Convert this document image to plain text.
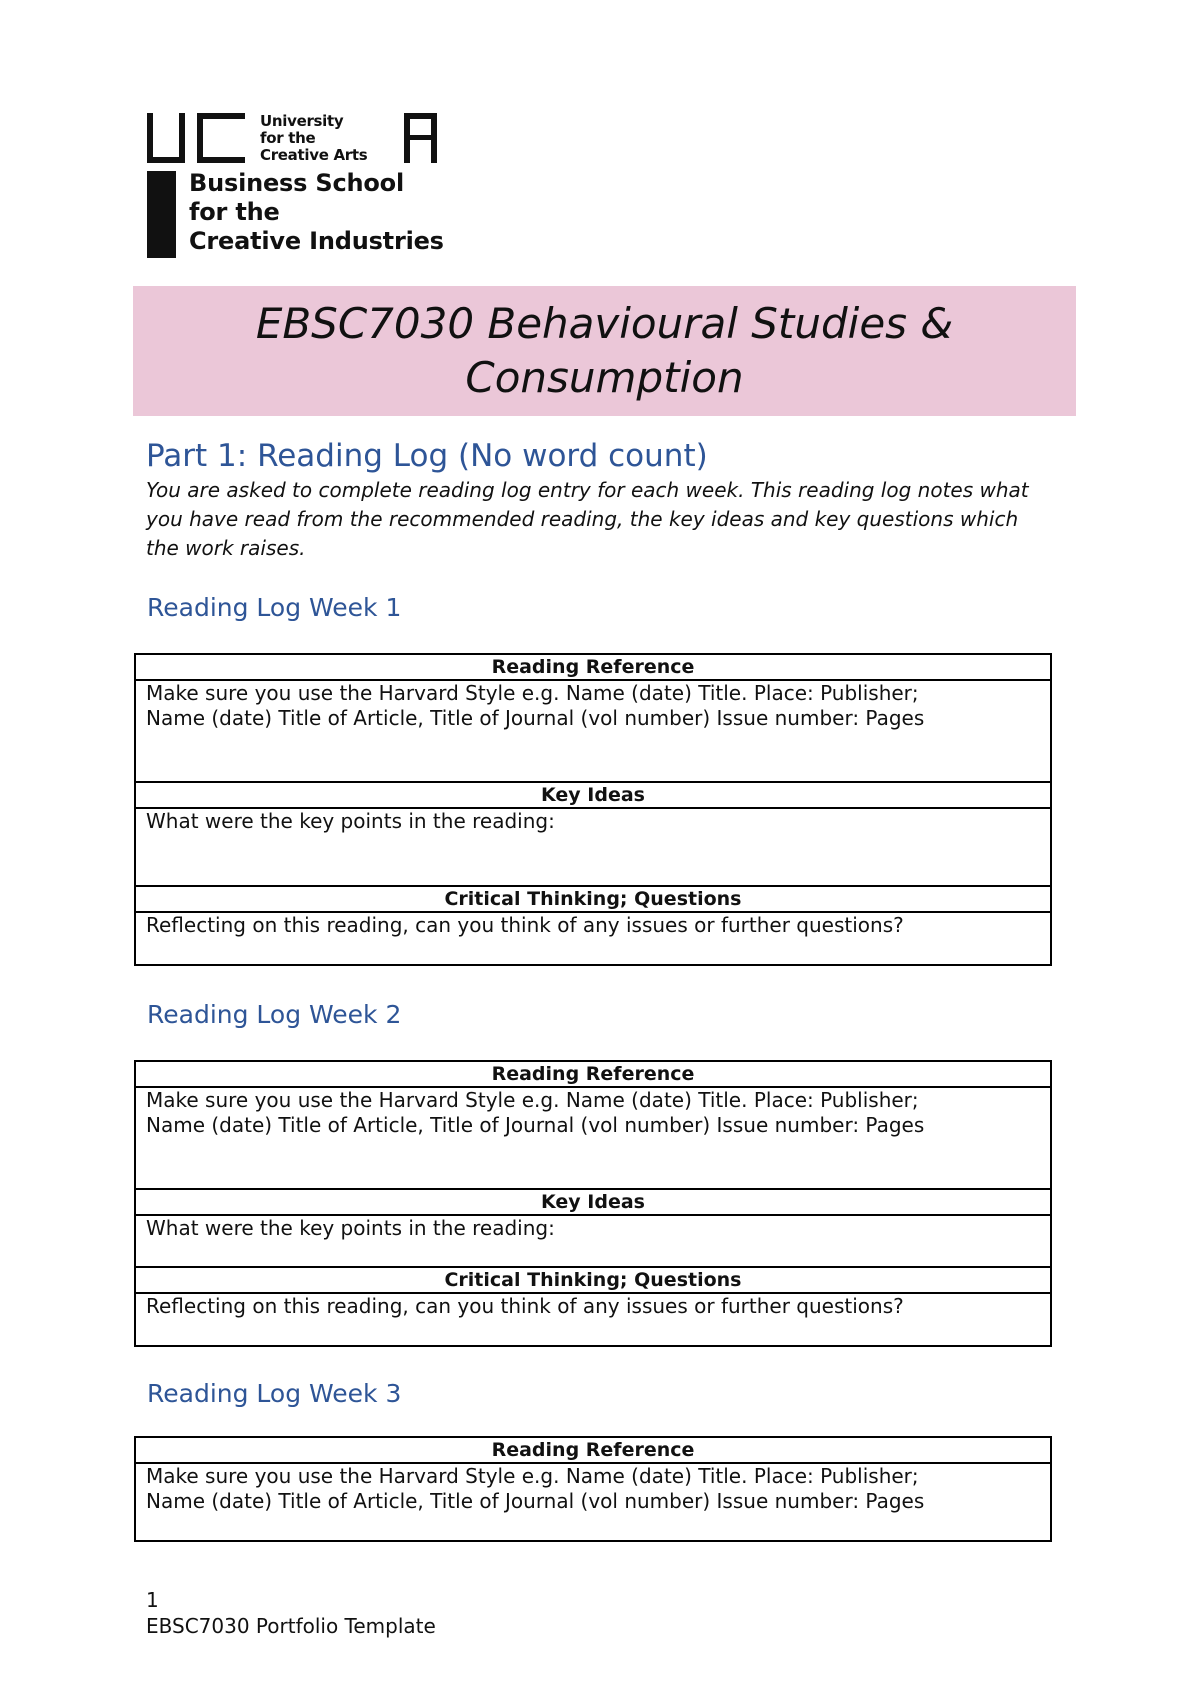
University
for the
Creative Arts
Business School
for the
Creative Industries
EBSC7030 Behavioural Studies & Consumption
Part 1: Reading Log (No word count)

You are asked to complete reading log entry for each week. This reading log notes what you have read from the recommended reading, the key ideas and key questions which the work raises.

Reading Log Week 1
Reading Reference

Make sure you use the Harvard Style e.g. Name (date) Title. Place: Publisher;
Name (date) Title of Article, Title of Journal (vol number) Issue number: Pages

Key Ideas

What were the key points in the reading:

Critical Thinking; Questions

Reflecting on this reading, can you think of any issues or further questions?
Reading Log Week 2
Reading Reference

Make sure you use the Harvard Style e.g. Name (date) Title. Place: Publisher;
Name (date) Title of Article, Title of Journal (vol number) Issue number: Pages

Key Ideas

What were the key points in the reading:

Critical Thinking; Questions

Reflecting on this reading, can you think of any issues or further questions?
Reading Log Week 3
Reading Reference

Make sure you use the Harvard Style e.g. Name (date) Title. Place: Publisher;
Name (date) Title of Article, Title of Journal (vol number) Issue number: Pages
1
EBSC7030 Portfolio Template
